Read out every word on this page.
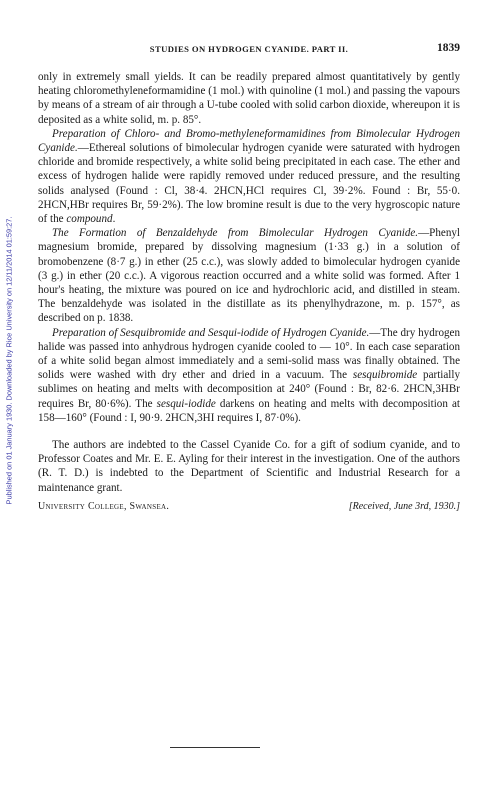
Published on 01 January 1930. Downloaded by Rice University on 12/11/2014 01:59:27.
STUDIES ON HYDROGEN CYANIDE. PART II.	1839

only in extremely small yields. It can be readily prepared almost quantitatively by gently heating chloromethyleneformamidine (1 mol.) with quinoline (1 mol.) and passing the vapours by means of a stream of air through a U-tube cooled with solid carbon dioxide, whereupon it is deposited as a white solid, m. p. 85°.

Preparation of Chloro- and Bromo-methyleneformamidines from Bimolecular Hydrogen Cyanide.—Ethereal solutions of bimolecular hydrogen cyanide were saturated with hydrogen chloride and bromide respectively, a white solid being precipitated in each case. The ether and excess of hydrogen halide were rapidly removed under reduced pressure, and the resulting solids analysed (Found : Cl, 38·4. 2HCN,HCl requires Cl, 39·2%. Found : Br, 55·0. 2HCN,HBr requires Br, 59·2%). The low bromine result is due to the very hygroscopic nature of the compound.

The Formation of Benzaldehyde from Bimolecular Hydrogen Cyanide.—Phenyl magnesium bromide, prepared by dissolving magnesium (1·33 g.) in a solution of bromobenzene (8·7 g.) in ether (25 c.c.), was slowly added to bimolecular hydrogen cyanide (3 g.) in ether (20 c.c.). A vigorous reaction occurred and a white solid was formed. After 1 hour's heating, the mixture was poured on ice and hydrochloric acid, and distilled in steam. The benzaldehyde was isolated in the distillate as its phenylhydrazone, m. p. 157°, as described on p. 1838.

Preparation of Sesquibromide and Sesqui-iodide of Hydrogen Cyanide.—The dry hydrogen halide was passed into anhydrous hydrogen cyanide cooled to — 10°. In each case separation of a white solid began almost immediately and a semi-solid mass was finally obtained. The solids were washed with dry ether and dried in a vacuum. The sesquibromide partially sublimes on heating and melts with decomposition at 240° (Found : Br, 82·6. 2HCN,3HBr requires Br, 80·6%). The sesqui-iodide darkens on heating and melts with decomposition at 158—160° (Found : I, 90·9. 2HCN,3HI requires I, 87·0%).

The authors are indebted to the Cassel Cyanide Co. for a gift of sodium cyanide, and to Professor Coates and Mr. E. E. Ayling for their interest in the investigation. One of the authors (R. T. D.) is indebted to the Department of Scientific and Industrial Research for a maintenance grant.

University College, Swansea.	[Received, June 3rd, 1930.]
